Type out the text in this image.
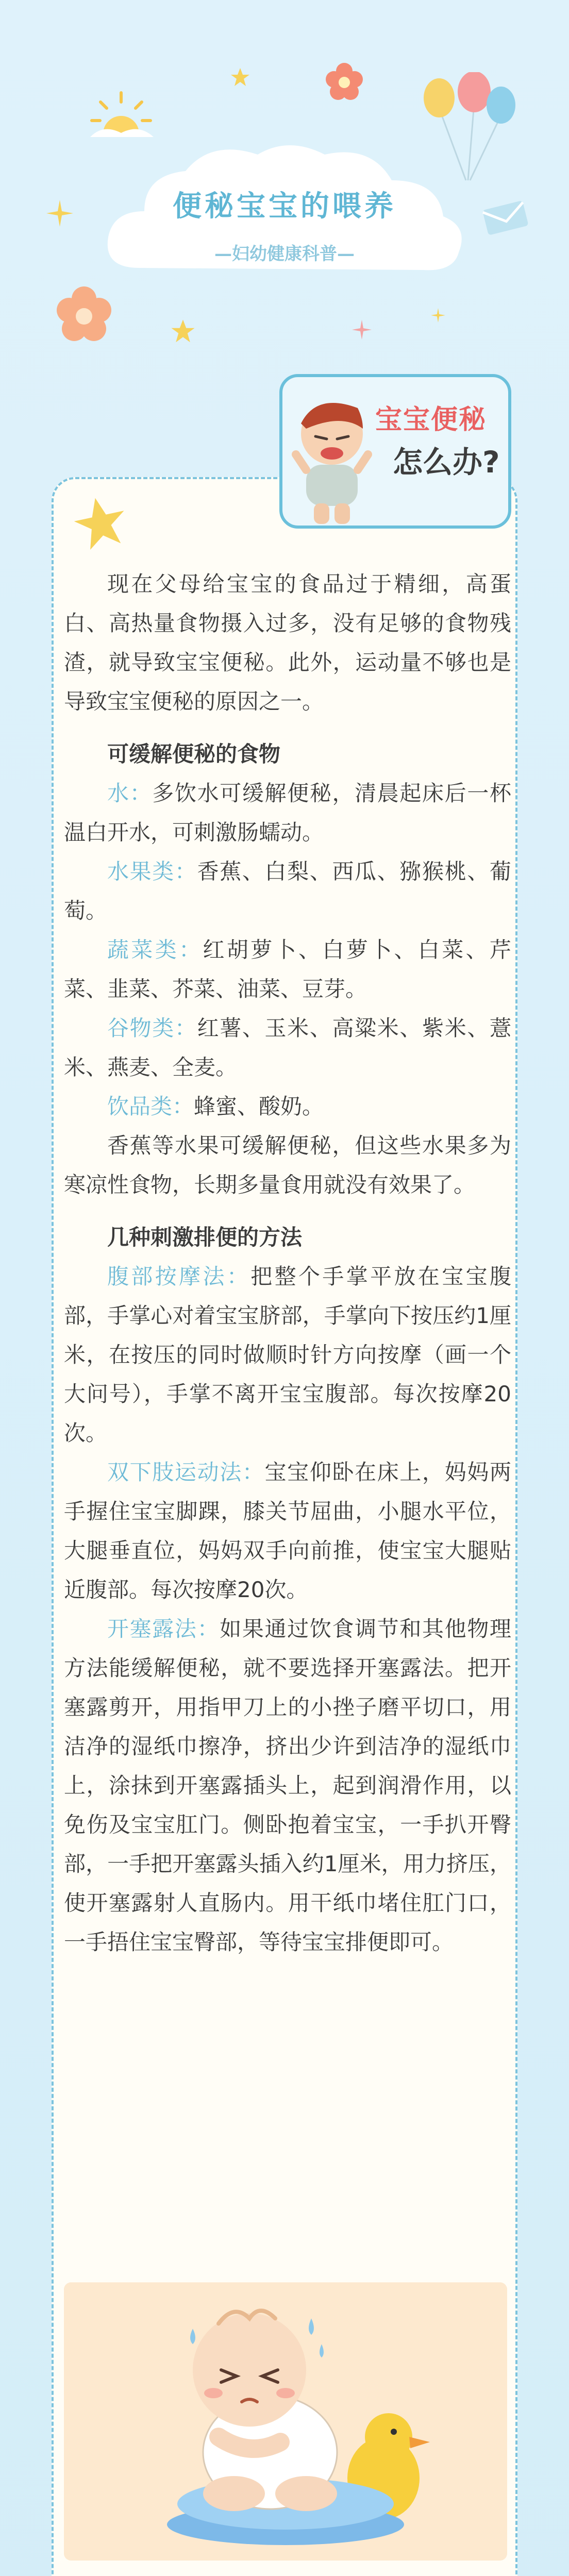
便秘宝宝的喂养
—妇幼健康科普—
宝宝便秘
怎么办?

现在父母给宝宝的食品过于精细，高蛋白、高热量食物摄入过多，没有足够的食物残渣，就导致宝宝便秘。此外，运动量不够也是导致宝宝便秘的原因之一。

可缓解便秘的食物

水：多饮水可缓解便秘，清晨起床后一杯温白开水，可刺激肠蠕动。

水果类：香蕉、白梨、西瓜、猕猴桃、葡萄。

蔬菜类：红胡萝卜、白萝卜、白菜、芹菜、韭菜、芥菜、油菜、豆芽。

谷物类：红薯、玉米、高粱米、紫米、薏米、燕麦、全麦。

饮品类：蜂蜜、酸奶。

香蕉等水果可缓解便秘，但这些水果多为寒凉性食物，长期多量食用就没有效果了。

几种刺激排便的方法

腹部按摩法：把整个手掌平放在宝宝腹部，手掌心对着宝宝脐部，手掌向下按压约1厘米，在按压的同时做顺时针方向按摩（画一个大问号），手掌不离开宝宝腹部。每次按摩20次。

双下肢运动法：宝宝仰卧在床上，妈妈两手握住宝宝脚踝，膝关节屈曲，小腿水平位，大腿垂直位，妈妈双手向前推，使宝宝大腿贴近腹部。每次按摩20次。

开塞露法：如果通过饮食调节和其他物理方法能缓解便秘，就不要选择开塞露法。把开塞露剪开，用指甲刀上的小挫子磨平切口，用洁净的湿纸巾擦净，挤出少许到洁净的湿纸巾上，涂抹到开塞露插头上，起到润滑作用，以免伤及宝宝肛门。侧卧抱着宝宝，一手扒开臀部，一手把开塞露头插入约1厘米，用力挤压，使开塞露射人直肠内。用干纸巾堵住肛门口，一手捂住宝宝臀部，等待宝宝排便即可。
